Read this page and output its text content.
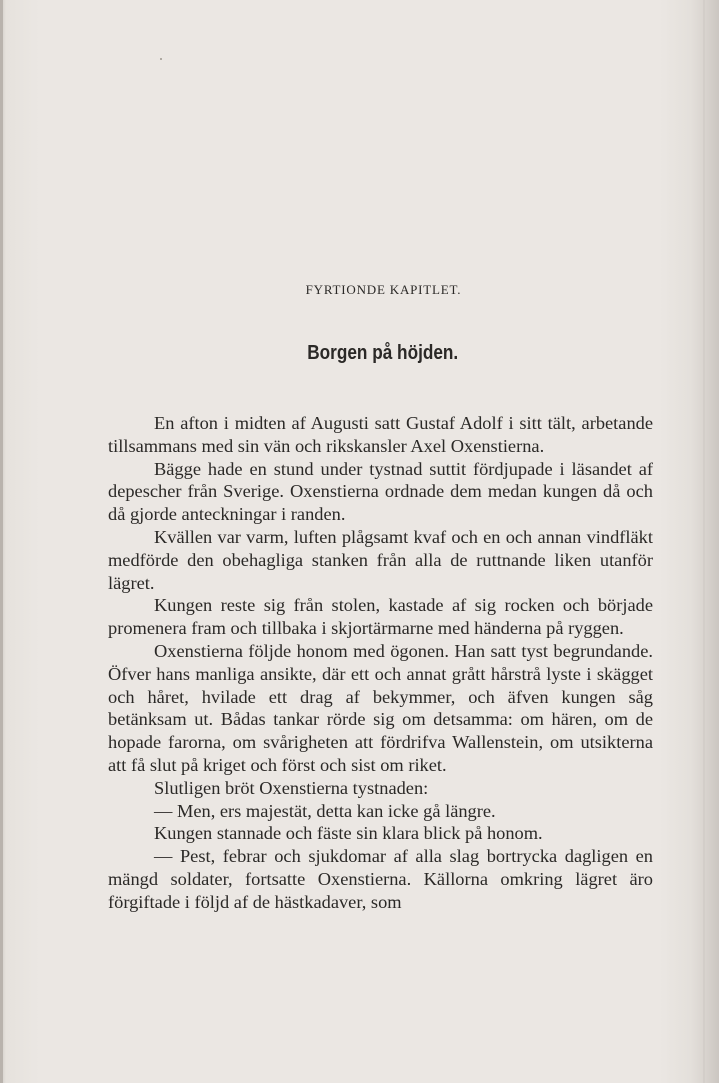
FYRTIONDE KAPITLET.
Borgen på höjden.

En afton i midten af Augusti satt Gustaf Adolf i sitt tält, arbetande tillsammans med sin vän och rikskansler Axel Oxenstierna.

Bägge hade en stund under tystnad suttit fördjupade i läsandet af depescher från Sverige. Oxenstierna ordnade dem medan kungen då och då gjorde anteckningar i randen.

Kvällen var varm, luften plågsamt kvaf och en och annan vindfläkt medförde den obehagliga stanken från alla de ruttnande liken utanför lägret.

Kungen reste sig från stolen, kastade af sig rocken och började promenera fram och tillbaka i skjortärmarne med händerna på ryggen.

Oxenstierna följde honom med ögonen. Han satt tyst begrundande. Öfver hans manliga ansikte, där ett och annat grått hårstrå lyste i skägget och håret, hvilade ett drag af bekymmer, och äfven kungen såg betänksam ut. Bådas tankar rörde sig om detsamma: om hären, om de hopade farorna, om svårigheten att fördrifva Wallenstein, om utsikterna att få slut på kriget och först och sist om riket.

Slutligen bröt Oxenstierna tystnaden:

— Men, ers majestät, detta kan icke gå längre.

Kungen stannade och fäste sin klara blick på honom.

— Pest, febrar och sjukdomar af alla slag bortrycka dagligen en mängd soldater, fortsatte Oxenstierna. Källorna omkring lägret äro förgiftade i följd af de hästkadaver, som
